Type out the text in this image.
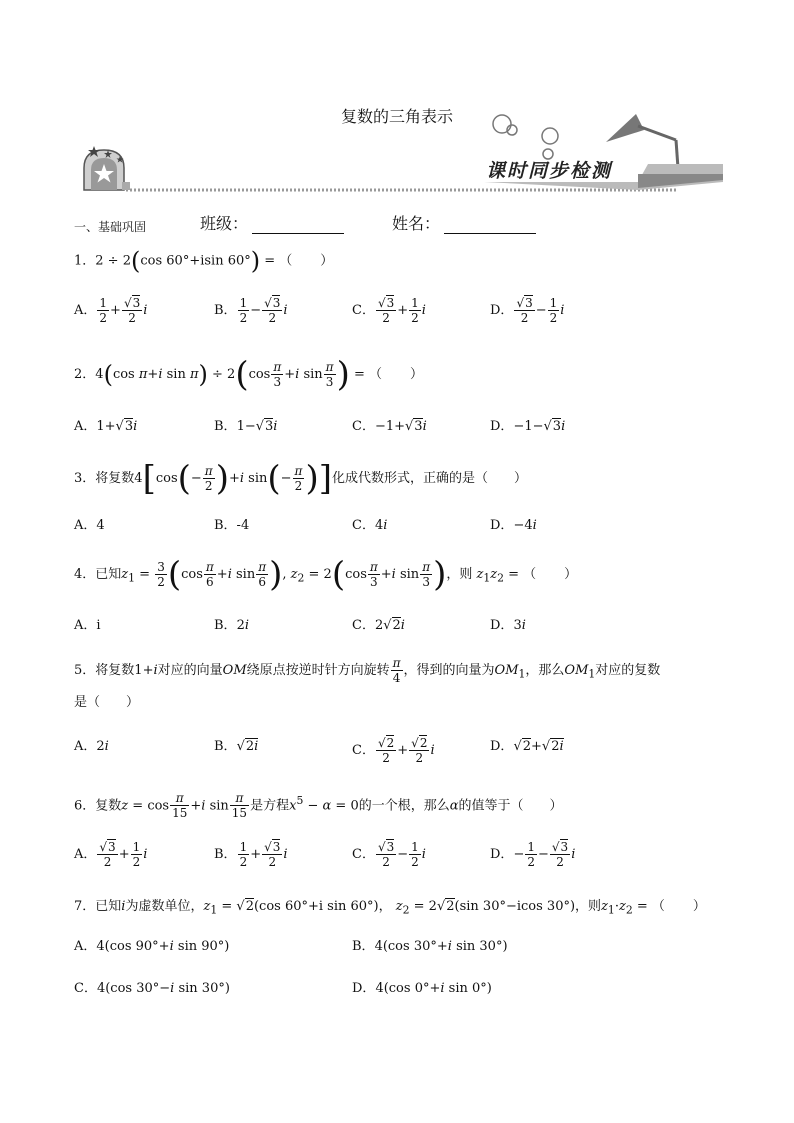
复数的三角表示
课时同步检测
一、基础巩固	班级：	姓名：
1．2 ÷ 2(cos 60°+isin 60°) = （ ）
A． $\frac{1}{2} + \frac{√3}{2}$ i	B． $\frac{1}{2} - \frac{√3}{2}$ i	C． $\frac{√3}{2} + \frac{1}{2}$ i	D． $\frac{√3}{2} - \frac{1}{2}$ i
2．4(cos π+i $\sin \pi) \div 2(\cos \frac{\pi}{3} +i$ $\sin \frac{\pi}{3}$ ) = （ ）
A．1+√3i	B．1−√3i	C．−1+√3i	D．−1−√3i
3．将复数$4[\cos(- \frac{\pi}{2} )+i$ $\sin(- \frac{\pi}{2}$ )]化成代数形式，正确的是（　　）
A．4	B．-4	C．4i	D．−4i
4．已知$z_1 = \frac{3}{2} (\cos \frac{\pi}{6} +i$ $\sin \frac{\pi}{6}$ ), $z_2 = 2(\cos \frac{\pi}{3} +i$ $\sin \frac{\pi}{3}$ )，则 $z_1z_2$ = （ ）
A．i	B．2i	C．2√2i	D．3i
5．将复数1+i对应的向量OM绕原点按逆时针方向旋转 $\frac{\pi}{4}$ ，得到的向量为$OM_1$，那么$OM_1$对应的复数
是（　　）
A．2i	B．√2i	C． $\frac{√2}{2} + \frac{√2}{2}$ i	D．√2+√2i
6．复数$z = \cos \frac{\pi}{15} +i$ $\sin \frac{\pi}{15}$ 是方程$x^5 - \alpha = 0$的一个根，那么α的值等于（　　）
A． $\frac{√3}{2} + \frac{1}{2}$ i	B． $\frac{1}{2} + \frac{√3}{2}$ i	C． $\frac{√3}{2} - \frac{1}{2}$ i	D．− $\frac{1}{2} - \frac{√3}{2}$ i
7．已知i为虚数单位，$z_1 = √2(\cos$ 60°+i sin 60°)， $z_2 = 2√2(\sin$ 30°−icos 30°)，则$z_1\cdot z_2$ = （ ）
A．4(cos 90°+i sin 90°)	B．4(cos 30°+i sin 30°)
C．4(cos 30°−i sin 30°)	D．4(cos 0°+i sin 0°)
